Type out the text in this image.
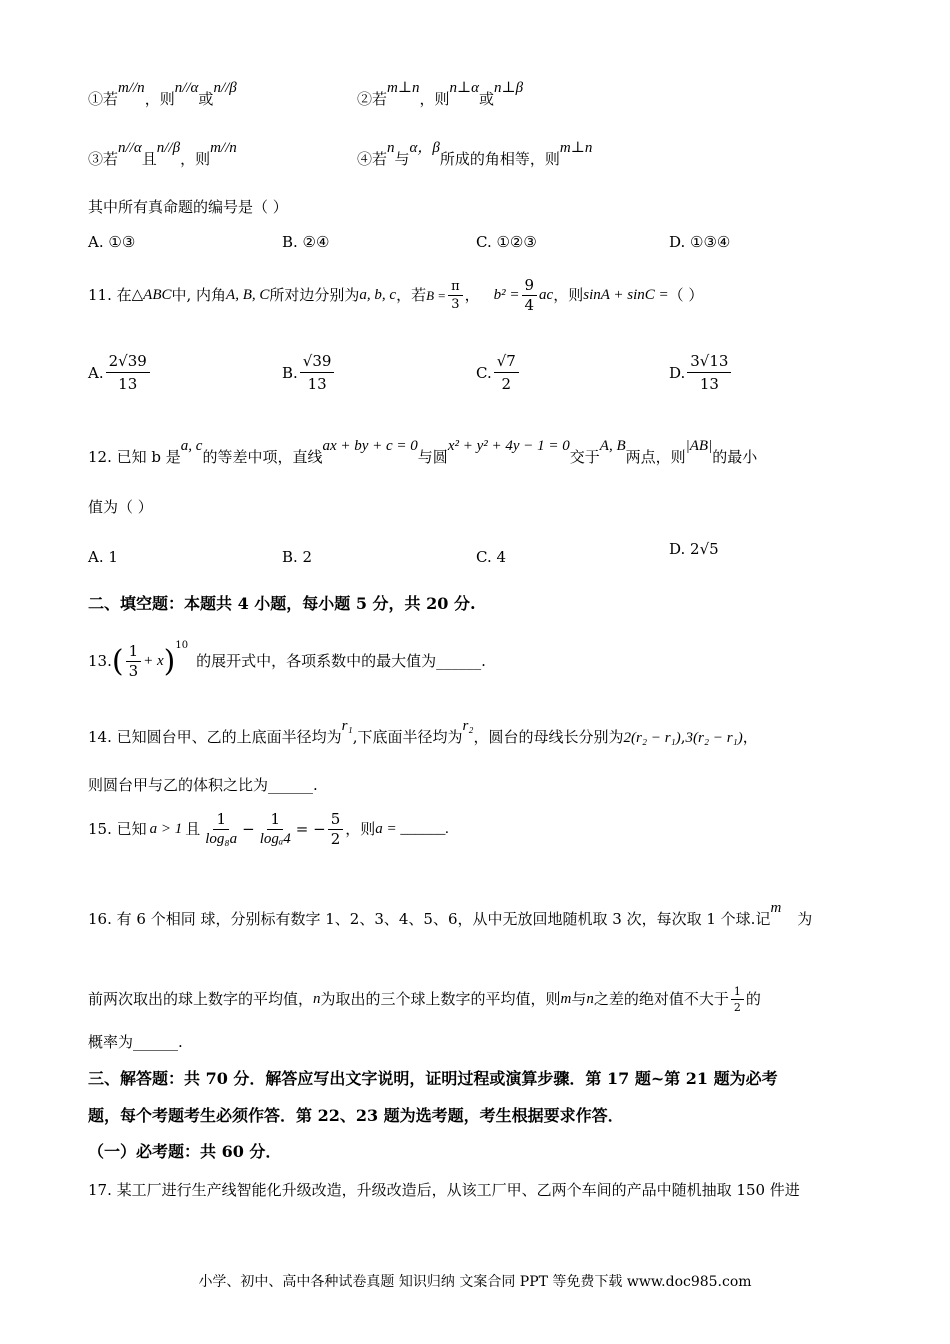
①若m//n，则n//α或n//β
②若m⊥n，则n⊥α或n⊥β
③若n//α且n//β，则m//n
④若n与α，β所成的角相等，则m⊥n
其中所有真命题的编号是（ ）
A. ①③	B. ②④	C. ①②③	D. ①③④
11. 在 △ABC 中, 内角 A, B, C 所对边分别为 a, b, c ，若 $B = \frac{\pi}{3}$ ， $b^2 = \frac{9}{4}$ ac ，则 sinA + sinC = （ ）
A. $\frac{2√39}{13}$	B. $\frac{√39}{13}$	C. $\frac{√7}{2}$	D. $\frac{3√13}{13}$
12. 已知 b 是a, c的等差中项，直线ax + by + c = 0与圆x² + y² + 4y − 1 = 0交于A, B两点，则|AB|的最小
值为（ ）
A. 1	B. 2	C. 4	D. 2√5
二、填空题：本题共 4 小题，每小题 5 分，共 20 分.
13. ( $\frac{1}{3} + x$ ) 10
的展开式中，各项系数中的最大值为______.
14. 已知圆台甲、乙的上底面半径均为r₁,下底面半径均为r₂，圆台的母线长分别为2(r₂ − r₁),3(r₂ − r₁)，
则圆台甲与乙的体积之比为______.
15. 已知 a > 1 且 $\frac{1}{\text{log₈a}} - \frac{1}{\text{logₐ4}}$ = − $\frac{5}{2}$ ，则 a = ______.
16. 有 6 个相同 球，分别标有数字 1、2、3、4、5、6，从中无放回地随机取 3 次，每次取 1 个球.记m为
前两次取出的球上数字的平均值， n 为取出的三个球上数字的平均值，则 m 与 n 之差的绝对值不大于 $\frac{1}{2}$ 的
概率为______.
三、解答题：共 70 分．解答应写出文字说明，证明过程或演算步骤．第 17 题~第 21 题为必考
题，每个考题考生必须作答．第 22、23 题为选考题，考生根据要求作答．
（一）必考题：共 60 分．
17. 某工厂进行生产线智能化升级改造，升级改造后，从该工厂甲、乙两个车间的产品中随机抽取 150 件进
小学、初中、高中各种试卷真题 知识归纳 文案合同 PPT 等免费下载 www.doc985.com
